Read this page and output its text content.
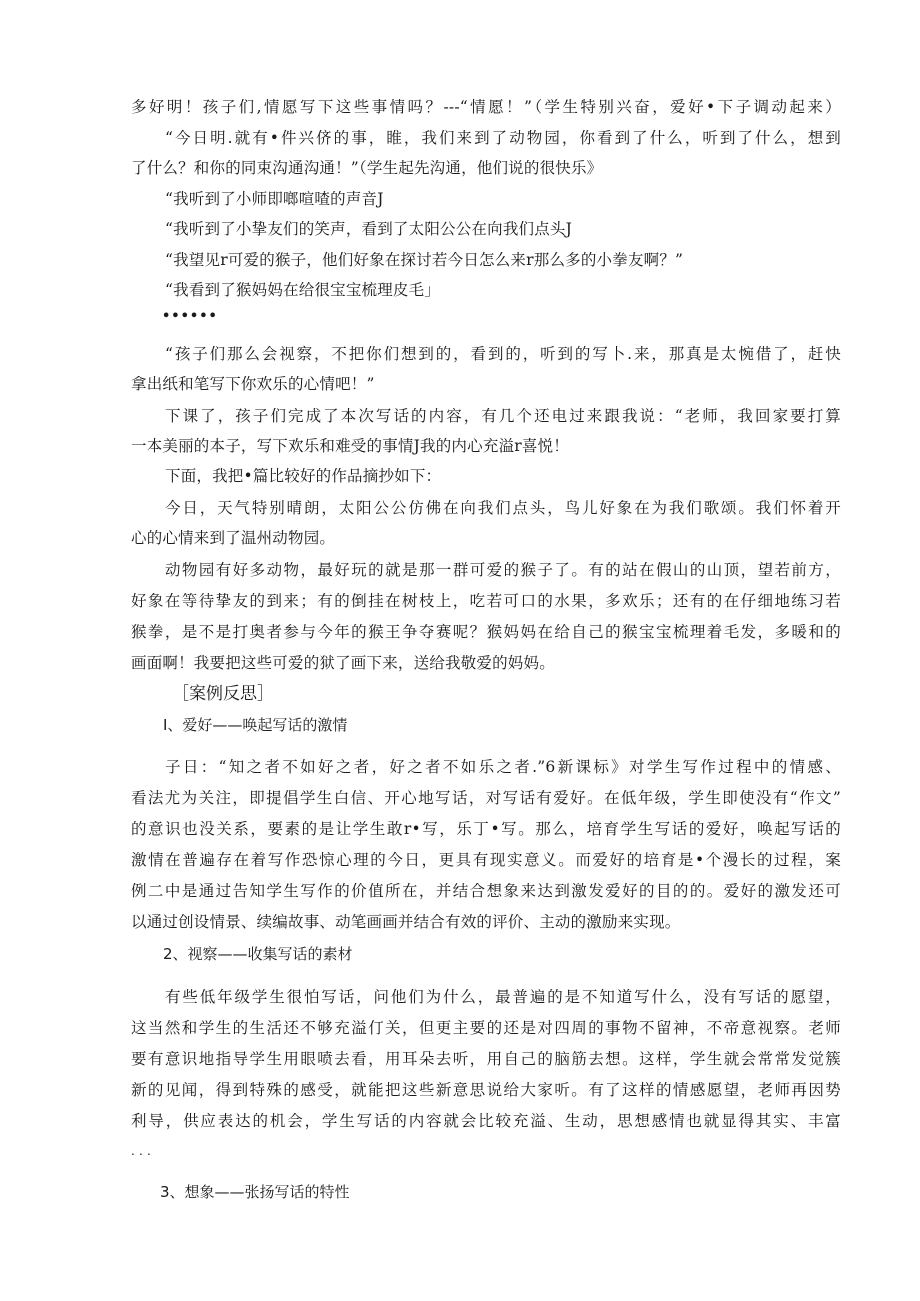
多好明！孩子们,情愿写下这些事情吗？---“情愿！”（学生特别兴奋，爱好•下子调动起来）
“今日明.就有•件兴侪的事，睢，我们来到了动物园，你看到了什么，听到了什么，想到
了什么？和你的同束沟通沟通！”（学生起先沟通，他们说的很快乐》
“我听到了小师即啷喧喳的声音J
“我听到了小挚友们的笑声，看到了太阳公公在向我们点头J
“我望见r可爱的猴子，他们好象在探讨若今日怎么来r那么多的小拳友啊？”
“我看到了猴妈妈在给很宝宝梳理皮毛」
••••••
“孩子们那么会视察，不把你们想到的，看到的，听到的写卜.来，那真是太惋借了，赶快
拿出纸和笔写下你欢乐的心情吧！”
下课了，孩子们完成了本次写话的内容，有几个还电过来跟我说：“老师，我回家要打算
一本美丽的本子，写下欢乐和难受的事情J我的内心充溢r喜悦！
下面，我把•篇比较好的作品摘抄如下：
今日，天气特别晴朗，太阳公公仿佛在向我们点头，鸟儿好象在为我们歌颂。我们怀着开
心的心情来到了温州动物园。
动物园有好多动物，最好玩的就是那一群可爱的猴子了。有的站在假山的山顶，望若前方，
好象在等待挚友的到来；有的倒挂在树枝上，吃若可口的水果，多欢乐；还有的在仔细地练习若
猴拳，是不是打奥者参与今年的猴王争夺赛呢？猴妈妈在给自己的猴宝宝梳理着毛发，多暖和的
画面啊！我要把这些可爱的狱了画下来，送给我敬爱的妈妈。
［案例反思］
I、爱好——唤起写话的激情
子日：“知之者不如好之者，好之者不如乐之者.”6新课标》对学生写作过程中的情感、
看法尤为关注，即提倡学生白信、开心地写话，对写话有爱好。在低年级，学生即使没有“作文”
的意识也没关系，要素的是让学生敢r•写，乐丁•写。那么，培育学生写话的爱好，唤起写话的
激情在普遍存在着写作恐惊心理的今日，更具有现实意义。而爱好的培育是•个漫长的过程，案
例二中是通过告知学生写作的价值所在，并结合想象来达到激发爱好的目的的。爱好的激发还可
以通过创设情景、续编故事、动笔画画并结合有效的评价、主动的激励来实现。
2、视察——收集写话的素材
有些低年级学生很怕写话，问他们为什么，最普遍的是不知道写什么，没有写话的愿望，
这当然和学生的生活还不够充溢仃关，但更主要的还是对四周的事物不留神，不帝意视察。老师
要有意识地指导学生用眼喷去看，用耳朵去听，用自己的脑筋去想。这样，学生就会常常发觉簇
新的见闻，得到特殊的感受，就能把这些新意思说给大家听。有了这样的情感愿望，老师再因势
利导，供应表达的机会，学生写话的内容就会比较充溢、生动，思想感情也就显得其实、丰富
. . .
3、想象——张扬写话的特性
